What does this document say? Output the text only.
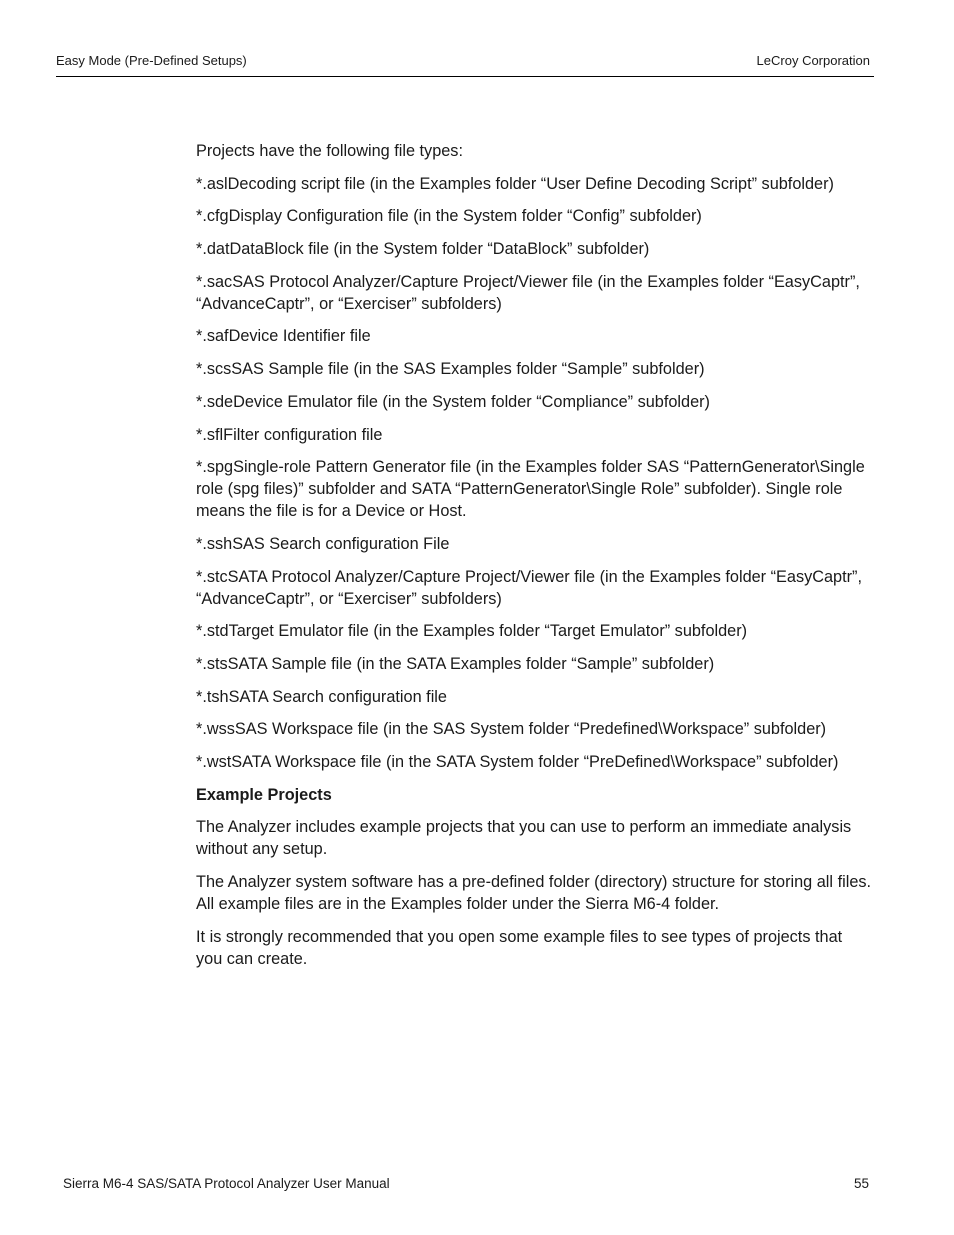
Easy Mode (Pre-Defined Setups)	LeCroy Corporation

Projects have the following file types:

*.aslDecoding script file (in the Examples folder “User Define Decoding Script” subfolder)

*.cfgDisplay Configuration file (in the System folder “Config” subfolder)

*.datDataBlock file (in the System folder “DataBlock” subfolder)

*.sacSAS Protocol Analyzer/Capture Project/Viewer file (in the Examples folder “EasyCaptr”, “AdvanceCaptr”, or “Exerciser” subfolders)

*.safDevice Identifier file

*.scsSAS Sample file (in the SAS Examples folder “Sample” subfolder)

*.sdeDevice Emulator file (in the System folder “Compliance” subfolder)

*.sflFilter configuration file

*.spgSingle-role Pattern Generator file (in the Examples folder SAS “PatternGenerator\Single role (spg files)” subfolder and SATA “PatternGenerator\Single Role” subfolder). Single role means the file is for a Device or Host.

*.sshSAS Search configuration File

*.stcSATA Protocol Analyzer/Capture Project/Viewer file (in the Examples folder “EasyCaptr”, “AdvanceCaptr”, or “Exerciser” subfolders)

*.stdTarget Emulator file (in the Examples folder “Target Emulator” subfolder)

*.stsSATA Sample file (in the SATA Examples folder “Sample” subfolder)

*.tshSATA Search configuration file

*.wssSAS Workspace file (in the SAS System folder “Predefined\Workspace” subfolder)

*.wstSATA Workspace file (in the SATA System folder “PreDefined\Workspace” subfolder)

Example Projects

The Analyzer includes example projects that you can use to perform an immediate analysis without any setup.

The Analyzer system software has a pre-defined folder (directory) structure for storing all files. All example files are in the Examples folder under the Sierra M6-4 folder.

It is strongly recommended that you open some example files to see types of projects that you can create.

Sierra M6-4 SAS/SATA Protocol Analyzer User Manual	55
